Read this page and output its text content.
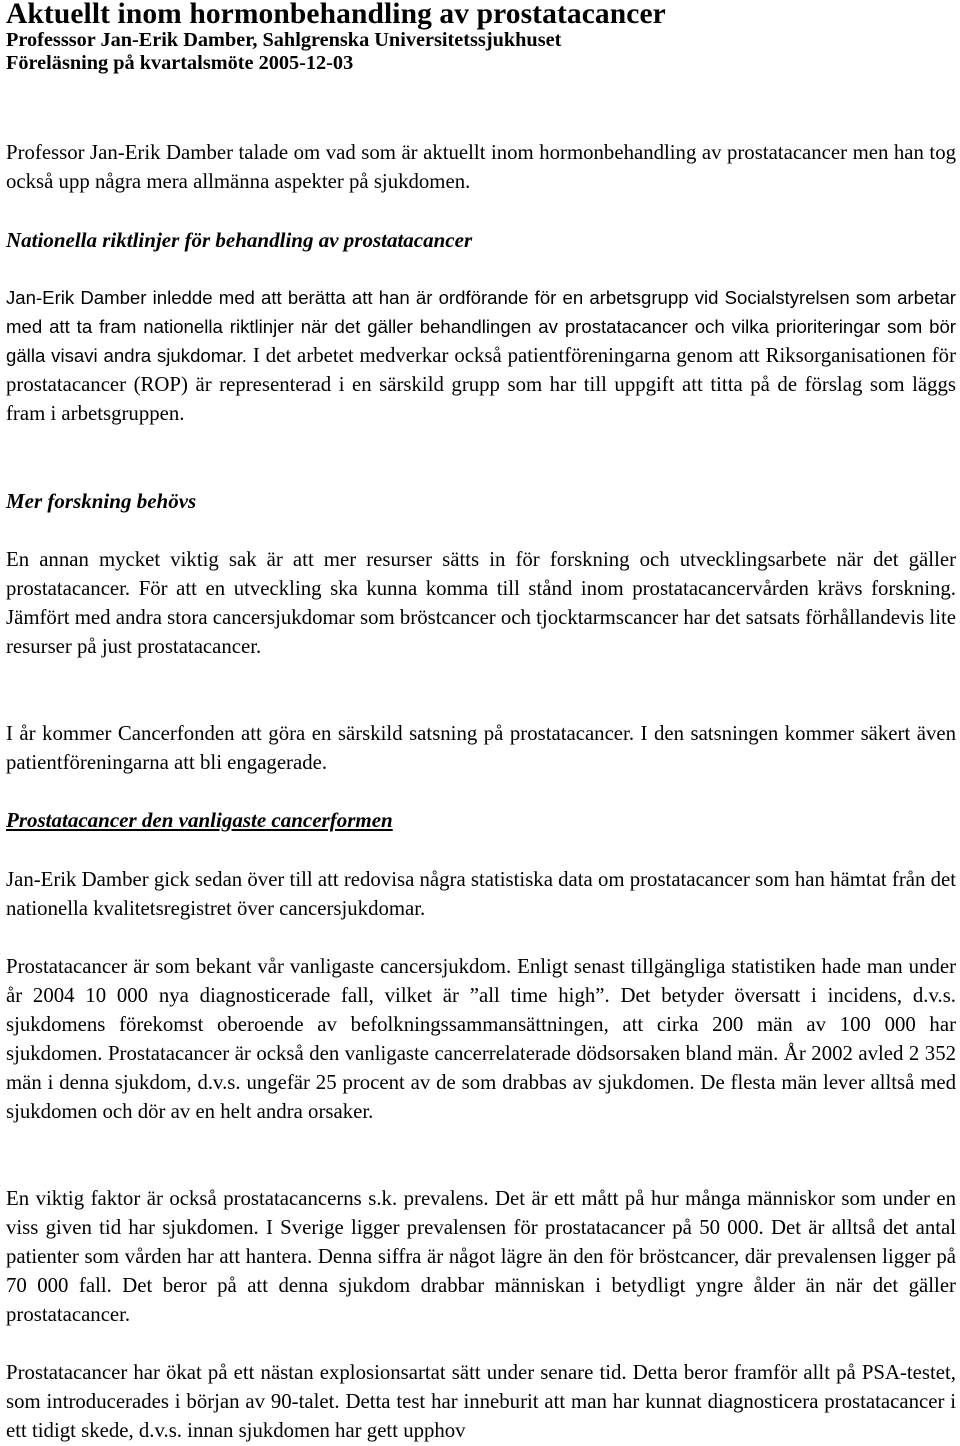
Aktuellt inom hormonbehandling av prostatacancer

Professsor Jan-Erik Damber, Sahlgrenska Universitetssjukhuset

Föreläsning på kvartalsmöte 2005-12-03

Professor Jan-Erik Damber talade om vad som är aktuellt inom hormonbehandling av prostatacancer men han tog också upp några mera allmänna aspekter på sjukdomen.

Nationella riktlinjer för behandling av prostatacancer

Jan-Erik Damber inledde med att berätta att han är ordförande för en arbetsgrupp vid Socialstyrelsen som arbetar med att ta fram nationella riktlinjer när det gäller behandlingen av prostatacancer och vilka prioriteringar som bör gälla visavi andra sjukdomar. I det arbetet medverkar också patientföreningarna genom att Riksorganisationen för prostatacancer (ROP) är representerad i en särskild grupp som har till uppgift att titta på de förslag som läggs fram i arbetsgruppen.

Mer forskning behövs

En annan mycket viktig sak är att mer resurser sätts in för forskning och utvecklingsarbete när det gäller prostatacancer. För att en utveckling ska kunna komma till stånd inom prostatacancervården krävs forskning. Jämfört med andra stora cancersjukdomar som bröstcancer och tjocktarmscancer har det satsats förhållandevis lite resurser på just prostatacancer.

I år kommer Cancerfonden att göra en särskild satsning på prostatacancer. I den satsningen kommer säkert även patientföreningarna att bli engagerade.

Prostatacancer den vanligaste cancerformen

Jan-Erik Damber gick sedan över till att redovisa några statistiska data om prostatacancer som han hämtat från det nationella kvalitetsregistret över cancersjukdomar.

Prostatacancer är som bekant vår vanligaste cancersjukdom. Enligt senast tillgängliga statistiken hade man under år 2004 10 000 nya diagnosticerade fall, vilket är ”all time high”. Det betyder översatt i incidens, d.v.s. sjukdomens förekomst oberoende av befolkningssammansättningen, att cirka 200 män av 100 000 har sjukdomen. Prostatacancer är också den vanligaste cancerrelaterade dödsorsaken bland män. År 2002 avled 2 352 män i denna sjukdom, d.v.s. ungefär 25 procent av de som drabbas av sjukdomen. De flesta män lever alltså med sjukdomen och dör av en helt andra orsaker.

En viktig faktor är också prostatacancerns s.k. prevalens. Det är ett mått på hur många människor som under en viss given tid har sjukdomen. I Sverige ligger prevalensen för prostatacancer på 50 000. Det är alltså det antal patienter som vården har att hantera. Denna siffra är något lägre än den för bröstcancer, där prevalensen ligger på 70 000 fall. Det beror på att denna sjukdom drabbar människan i betydligt yngre ålder än när det gäller prostatacancer.

Prostatacancer har ökat på ett nästan explosionsartat sätt under senare tid. Detta beror framför allt på PSA-testet, som introducerades i början av 90-talet. Detta test har inneburit att man har kunnat diagnosticera prostatacancer i ett tidigt skede, d.v.s. innan sjukdomen har gett upphov
